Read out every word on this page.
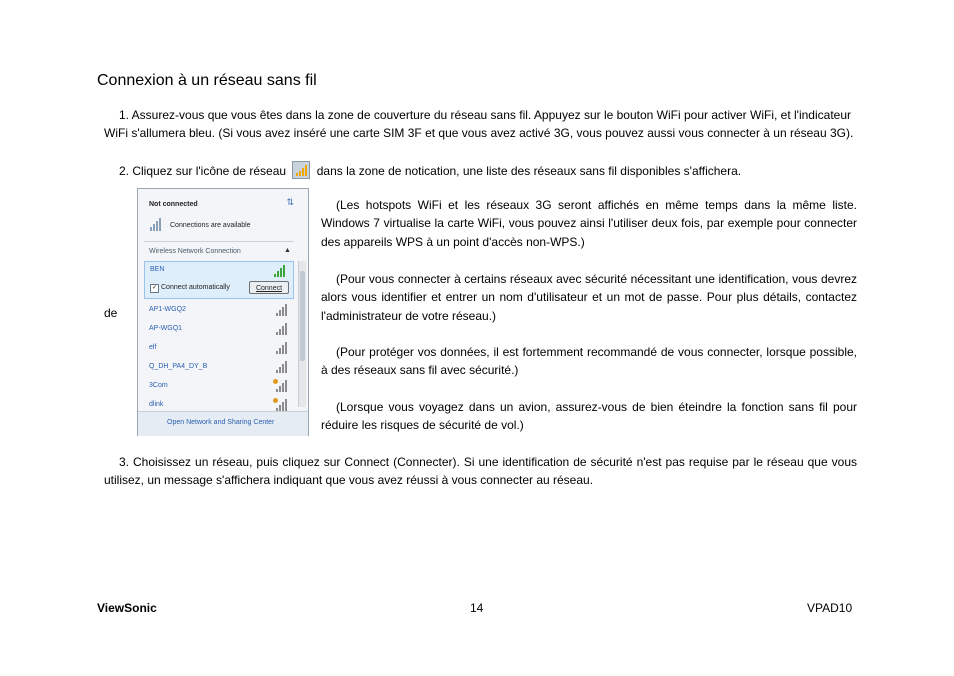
Connexion à un réseau sans fil
1. Assurez-vous que vous êtes dans la zone de couverture du réseau sans fil. Appuyez sur le bouton WiFi pour activer WiFi, et l'indicateur WiFi s'allumera bleu. (Si vous avez inséré une carte SIM 3F et que vous avez activé 3G, vous pouvez aussi vous connecter à un réseau 3G).
2. Cliquez sur l'icône de réseau	dans la zone de notication, une liste des réseaux sans fil disponibles s'affichera.
de
Not connected	⇅
Connections are available
Wireless Network Connection	▲
BEN
✓ Connect automatically	Connect
AP1-WGQ2
AP-WGQ1
elf
Q_DH_PA4_DY_B
3Com
dlink
Open Network and Sharing Center
(Les hotspots WiFi et les réseaux 3G seront affichés en même temps dans la même liste. Windows 7 virtualise la carte WiFi, vous pouvez ainsi l'utiliser deux fois, par exemple pour connecter des appareils WPS à un point d'accès non-WPS.)
(Pour vous connecter à certains réseaux avec sécurité nécessitant une identification, vous devrez alors vous identifier et entrer un nom d'utilisateur et un mot de passe. Pour plus détails, contactez l'administrateur de votre réseau.)
(Pour protéger vos données, il est fortemment recommandé de vous connecter, lorsque possible, à des réseaux sans fil avec sécurité.)
(Lorsque vous voyagez dans un avion, assurez-vous de bien éteindre la fonction sans fil pour réduire les risques de sécurité de vol.)
3. Choisissez un réseau, puis cliquez sur Connect (Connecter). Si une identification de sécurité n'est pas requise par le réseau que vous utilisez, un message s'affichera indiquant que vous avez réussi à vous connecter au réseau.
ViewSonic	14	VPAD10
